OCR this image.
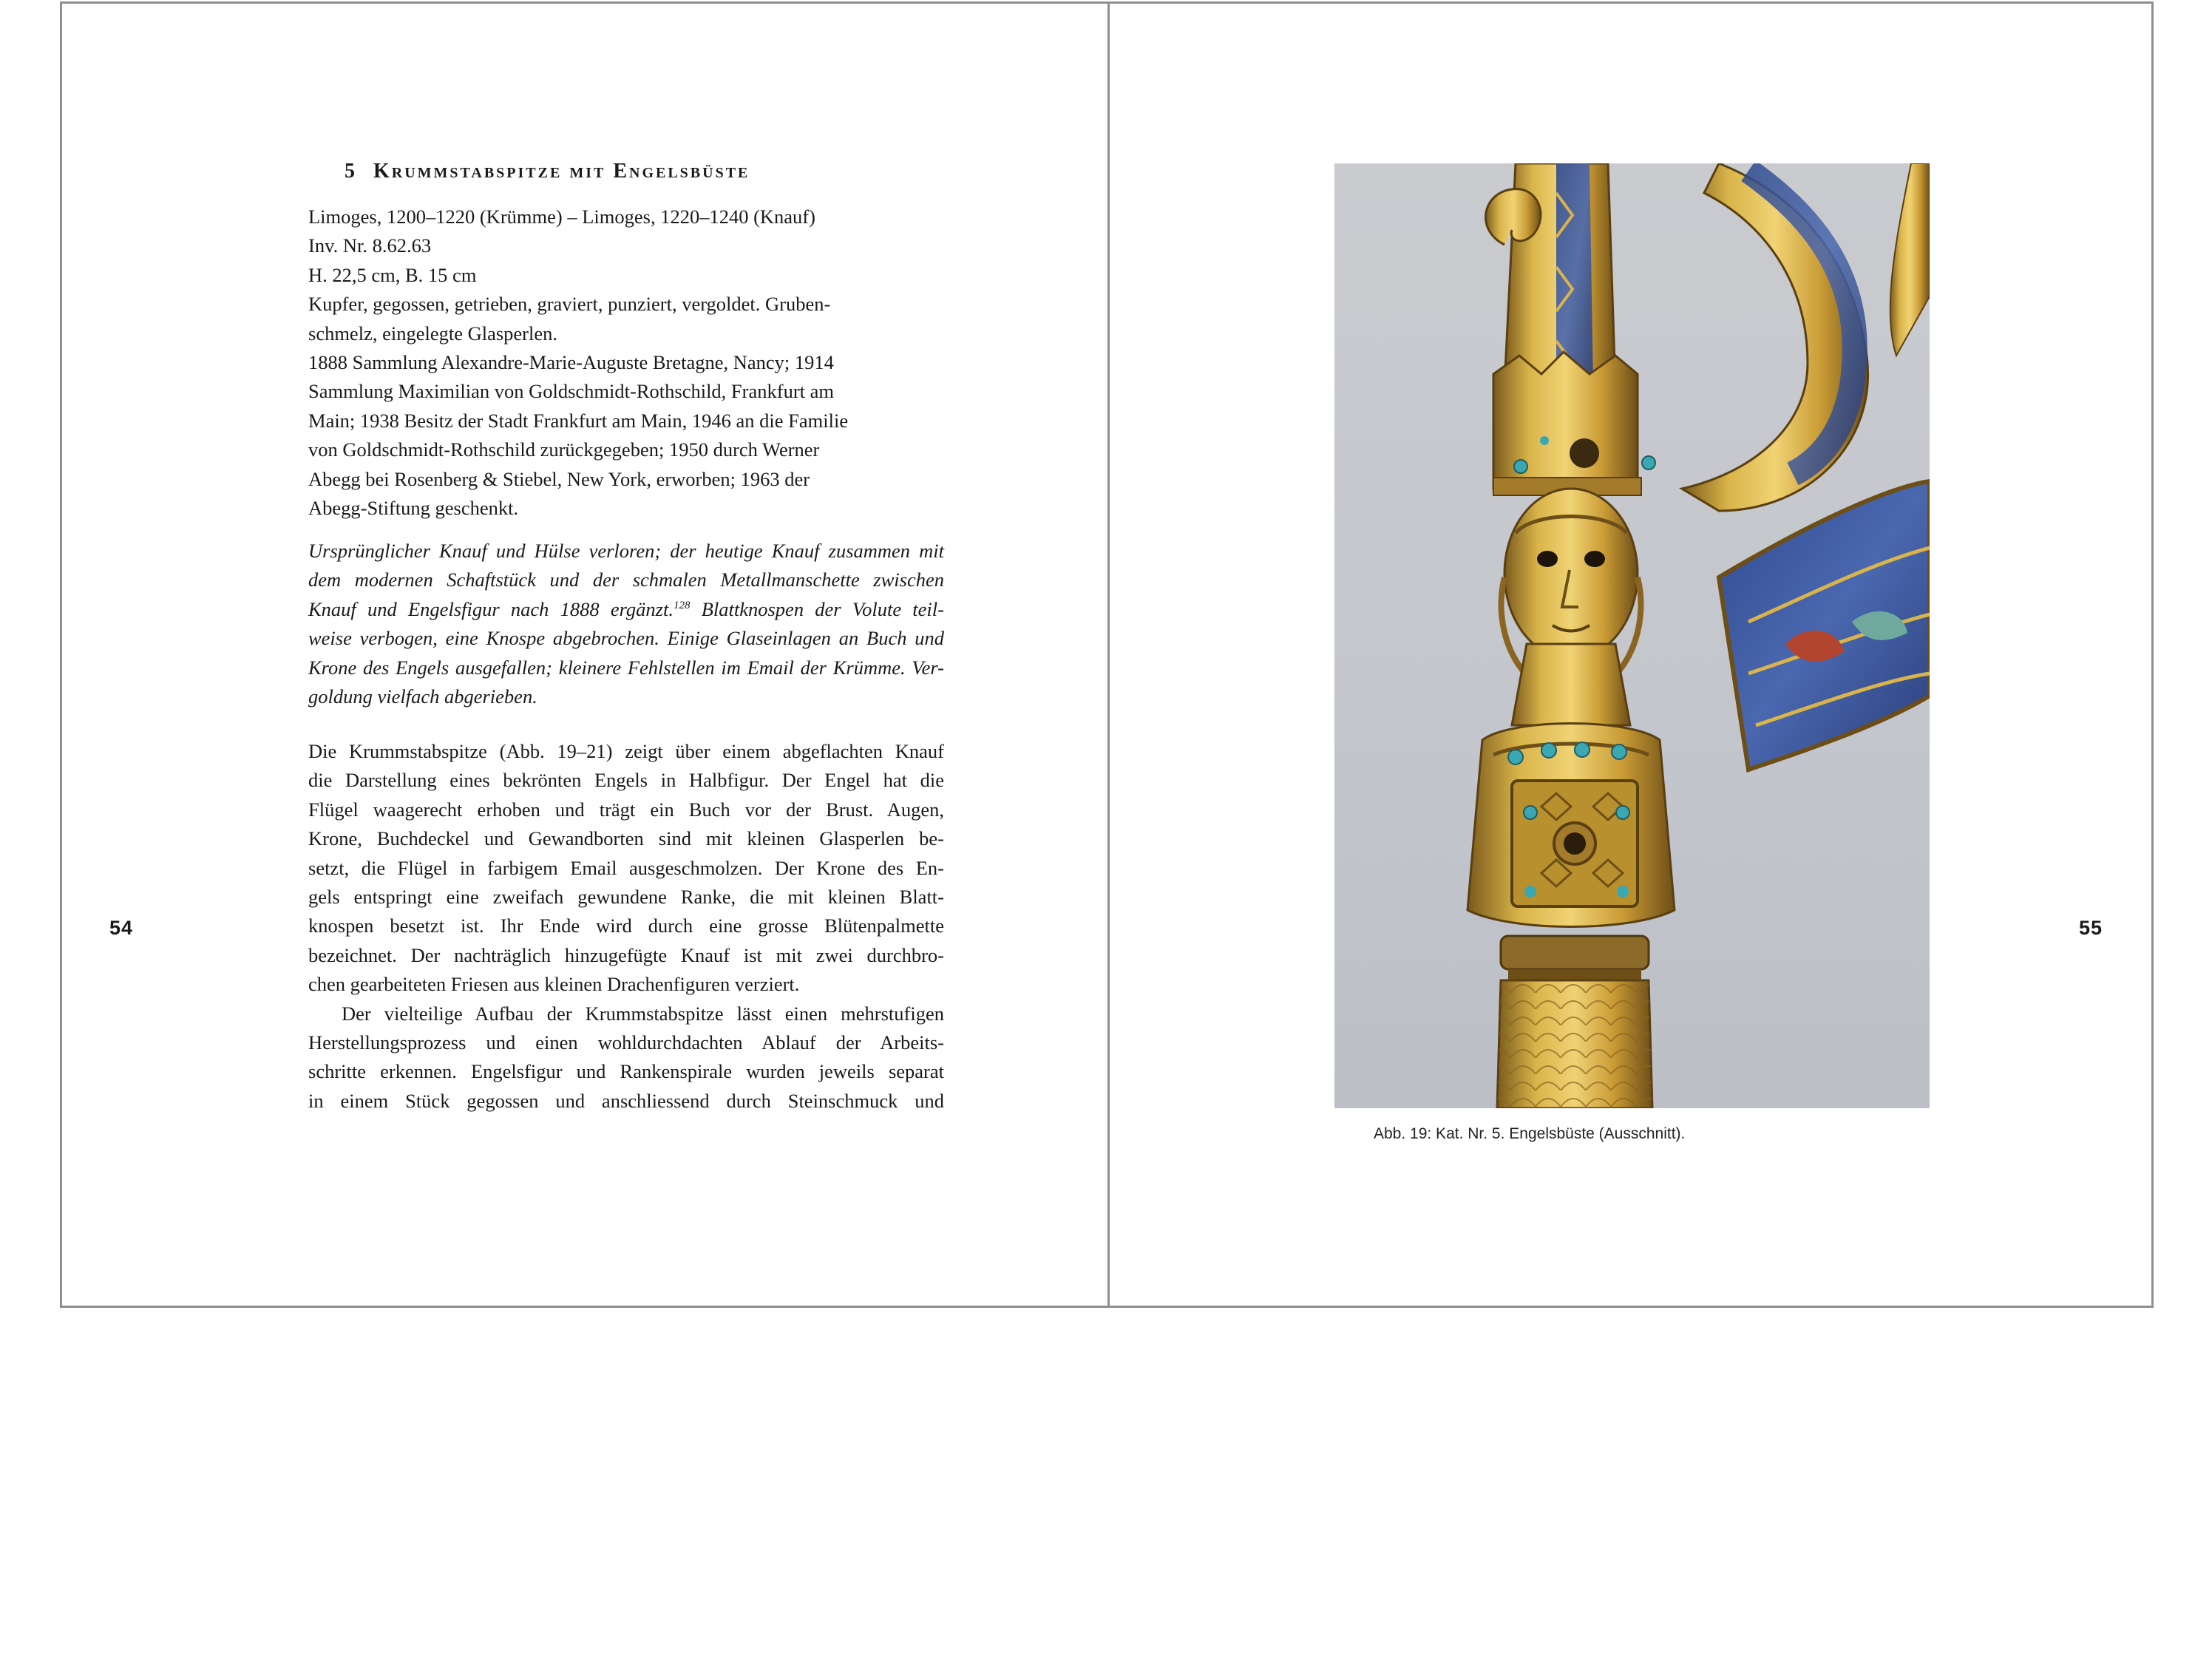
54
5 Krummstabspitze mit Engelsbüste
Limoges, 1200–1220 (Krümme) – Limoges, 1220–1240 (Knauf)
Inv. Nr. 8.62.63
H. 22,5 cm, B. 15 cm
Kupfer, gegossen, getrieben, graviert, punziert, vergoldet. Gruben-
schmelz, eingelegte Glasperlen.
1888 Sammlung Alexandre-Marie-Auguste Bretagne, Nancy; 1914
Sammlung Maximilian von Goldschmidt-Rothschild, Frankfurt am
Main; 1938 Besitz der Stadt Frankfurt am Main, 1946 an die Familie
von Goldschmidt-Rothschild zurückgegeben; 1950 durch Werner
Abegg bei Rosenberg & Stiebel, New York, erworben; 1963 der
Abegg-Stiftung geschenkt.
Ursprünglicher Knauf und Hülse verloren; der heutige Knauf zusammen mit
dem modernen Schaftstück und der schmalen Metallmanschette zwischen
Knauf und Engelsfigur nach 1888 ergänzt.$^{128}$ Blattknospen der Volute teil-
weise verbogen, eine Knospe abgebrochen. Einige Glaseinlagen an Buch und
Krone des Engels ausgefallen; kleinere Fehlstellen im Email der Krümme. Ver-
goldung vielfach abgerieben.
Die Krummstabspitze (Abb. 19–21) zeigt über einem abgeflachten Knauf
die Darstellung eines bekrönten Engels in Halbfigur. Der Engel hat die
Flügel waagerecht erhoben und trägt ein Buch vor der Brust. Augen,
Krone, Buchdeckel und Gewandborten sind mit kleinen Glasperlen be-
setzt, die Flügel in farbigem Email ausgeschmolzen. Der Krone des En-
gels entspringt eine zweifach gewundene Ranke, die mit kleinen Blatt-
knospen besetzt ist. Ihr Ende wird durch eine grosse Blütenpalmette
bezeichnet. Der nachträglich hinzugefügte Knauf ist mit zwei durchbro-
chen gearbeiteten Friesen aus kleinen Drachenfiguren verziert.
Der vielteilige Aufbau der Krummstabspitze lässt einen mehrstufigen
Herstellungsprozess und einen wohldurchdachten Ablauf der Arbeits-
schritte erkennen. Engelsfigur und Rankenspirale wurden jeweils separat
in einem Stück gegossen und anschliessend durch Steinschmuck und
Abb. 19: Kat. Nr. 5. Engelsbüste (Ausschnitt).
55
